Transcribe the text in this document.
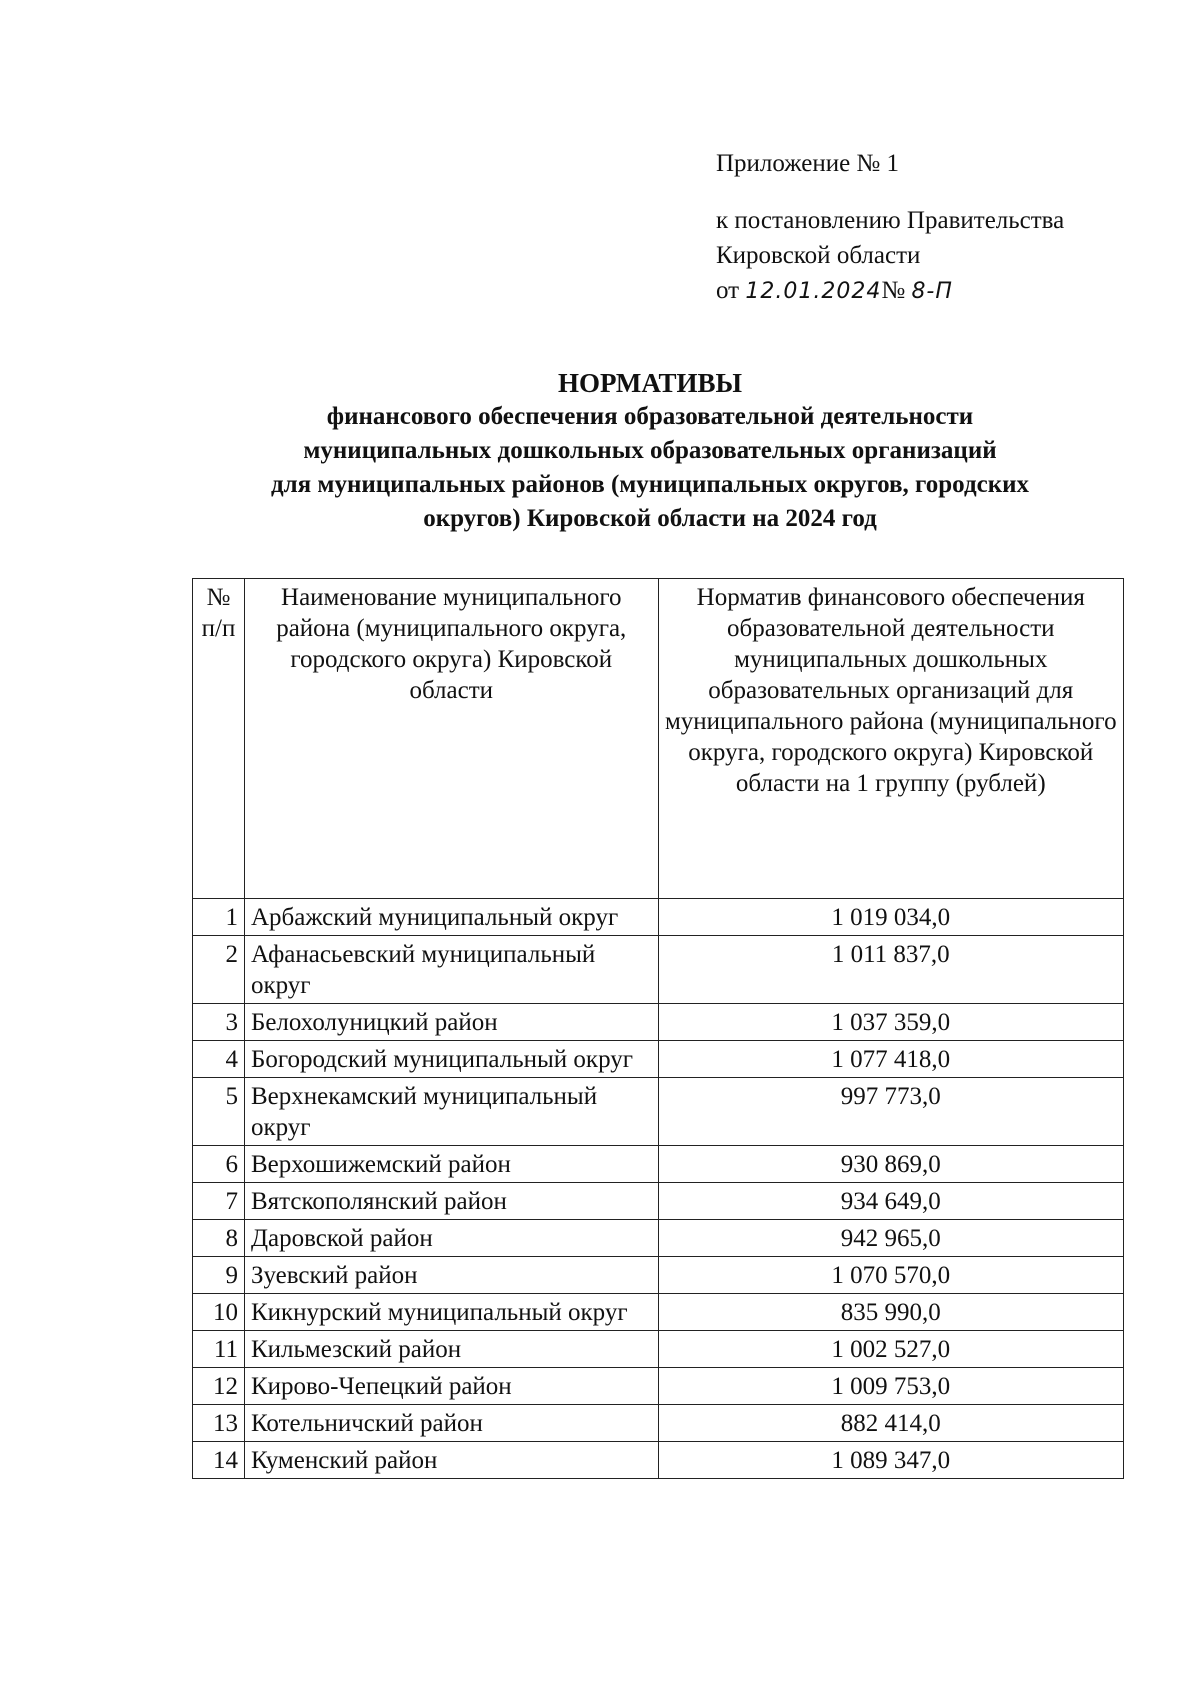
Приложение № 1
к постановлению Правительства
Кировской области
от 12.01.2024№ 8-П
НОРМАТИВЫ
финансового обеспечения образовательной деятельности
муниципальных дошкольных образовательных организаций
для муниципальных районов (муниципальных округов, городских
округов) Кировской области на 2024 год
№ п/п	Наименование муниципального района (муниципального округа, городского округа) Кировской области	Норматив финансового обеспечения образовательной деятельности муниципальных дошкольных образовательных организаций для муниципального района (муниципального округа, городского округа) Кировской области на 1 группу (рублей)
1	Арбажский муниципальный округ	1 019 034,0
2	Афанасьевский муниципальный округ	1 011 837,0
3	Белохолуницкий район	1 037 359,0
4	Богородский муниципальный округ	1 077 418,0
5	Верхнекамский муниципальный округ	997 773,0
6	Верхошижемский район	930 869,0
7	Вятскополянский район	934 649,0
8	Даровской район	942 965,0
9	Зуевский район	1 070 570,0
10	Кикнурский муниципальный округ	835 990,0
11	Кильмезский район	1 002 527,0
12	Кирово-Чепецкий район	1 009 753,0
13	Котельничский район	882 414,0
14	Куменский район	1 089 347,0
